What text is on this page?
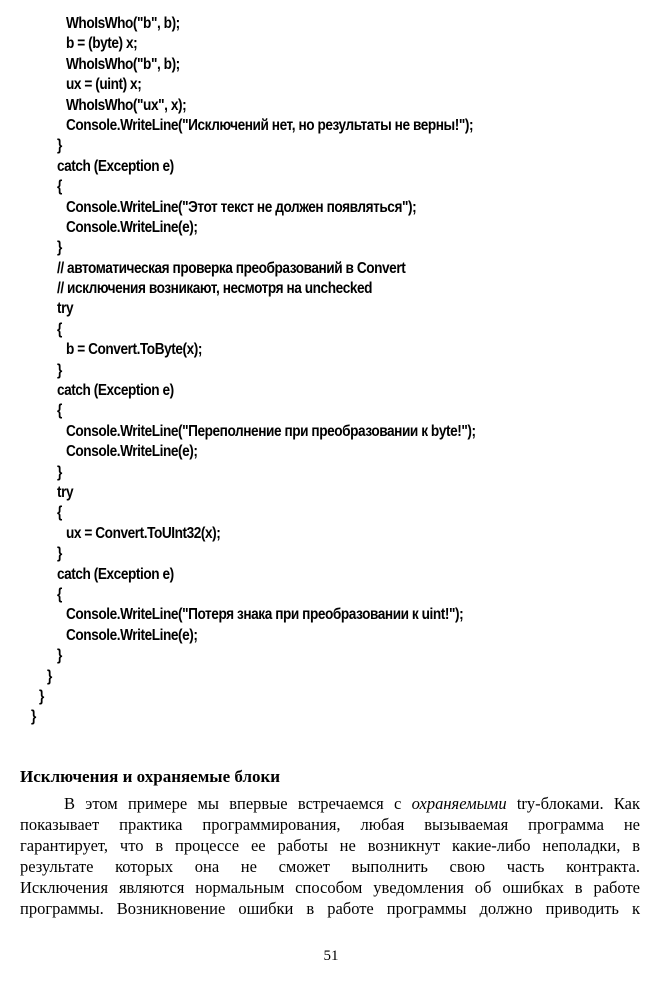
WhoIsWho("b", b);
b = (byte) x;
WhoIsWho("b", b);
ux = (uint) x;
WhoIsWho("ux", x);
Console.WriteLine("Исключений нет, но результаты не верны!");
}
catch (Exception e)
{
Console.WriteLine("Этот текст не должен появляться");
Console.WriteLine(e);
}
// автоматическая проверка преобразований в Convert
// исключения возникают, несмотря на unchecked
try
{
b = Convert.ToByte(x);
}
catch (Exception e)
{
Console.WriteLine("Переполнение при преобразовании к byte!");
Console.WriteLine(e);
}
try
{
ux = Convert.ToUInt32(x);
}
catch (Exception e)
{
Console.WriteLine("Потеря знака при преобразовании к uint!");
Console.WriteLine(e);
}
}
}
}
Исключения и охраняемые блоки
В этом примере мы впервые встречаемся с охраняемыми try-блоками. Как
показывает практика программирования, любая вызываемая программа не
гарантирует, что в процессе ее работы не возникнут какие-либо неполадки, в
результате которых она не сможет выполнить свою часть контракта.
Исключения являются нормальным способом уведомления об ошибках в работе
программы. Возникновение ошибки в работе программы должно приводить к
51
